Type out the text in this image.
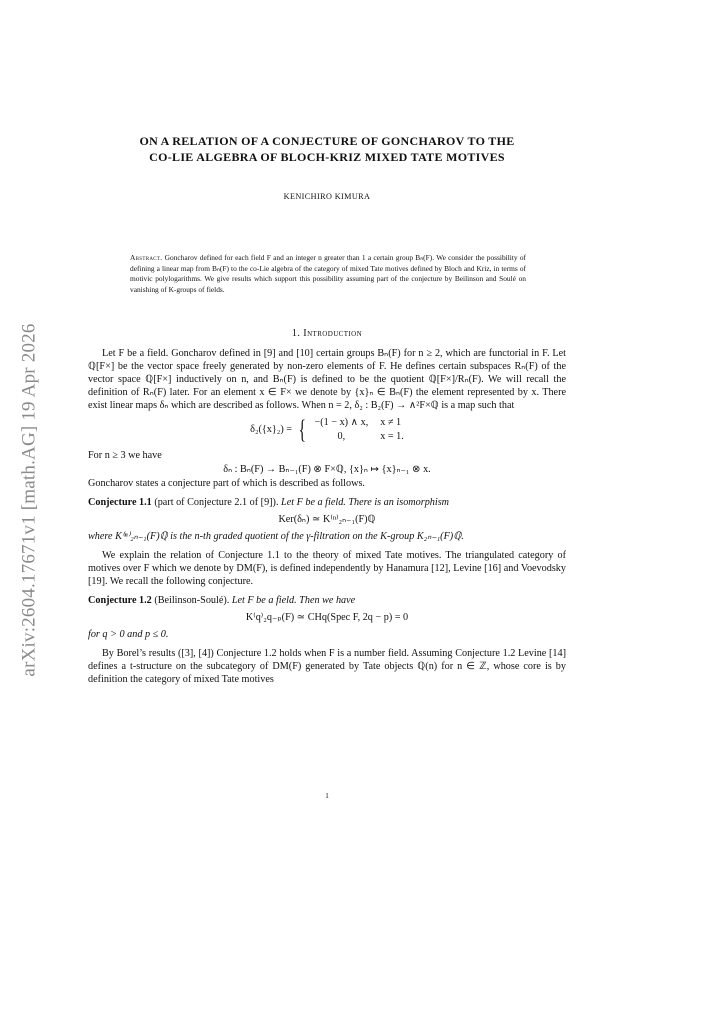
arXiv:2604.17671v1 [math.AG] 19 Apr 2026
ON A RELATION OF A CONJECTURE OF GONCHAROV TO THE
CO-LIE ALGEBRA OF BLOCH-KRIZ MIXED TATE MOTIVES
KENICHIRO KIMURA
Abstract. Goncharov defined for each field F and an integer n greater than 1 a certain group Bₙ(F). We consider the possibility of defining a linear map from Bₙ(F) to the co-Lie algebra of the category of mixed Tate motives defined by Bloch and Kriz, in terms of motivic polylogarithms. We give results which support this possibility assuming part of the conjecture by Beilinson and Soulé on vanishing of K-groups of fields.
1. Introduction

Let F be a field. Goncharov defined in [9] and [10] certain groups Bₙ(F) for n ≥ 2, which are functorial in F. Let ℚ[F×] be the vector space freely generated by non-zero elements of F. He defines certain subspaces Rₙ(F) of the vector space ℚ[F×] inductively on n, and Bₙ(F) is defined to be the quotient ℚ[F×]/Rₙ(F). We will recall the definition of Rₙ(F) later. For an element x ∈ F× we denote by {x}ₙ ∈ Bₙ(F) the element represented by x. There exist linear maps δₙ which are described as follows. When n = 2, δ₂ : B₂(F) → ∧²F×ℚ is a map such that

δ₂({x}₂) = { −(1 − x) ∧ x, x ≠ 1
0,	x = 1.

For n ≥ 3 we have

δₙ : Bₙ(F) → Bₙ₋₁(F) ⊗ F×ℚ, {x}ₙ ↦ {x}ₙ₋₁ ⊗ x.

Goncharov states a conjecture part of which is described as follows.

Conjecture 1.1 (part of Conjecture 2.1 of [9]). Let F be a field. There is an isomorphism

Ker(δₙ) ≃ K⁽ⁿ⁾₂ₙ₋₁(F)ℚ

where K⁽ⁿ⁾₂ₙ₋₁(F)ℚ is the n-th graded quotient of the γ-filtration on the K-group K₂ₙ₋₁(F)ℚ.

We explain the relation of Conjecture 1.1 to the theory of mixed Tate motives. The triangulated category of motives over F which we denote by DM(F), is defined independently by Hanamura [12], Levine [16] and Voevodsky [19]. We recall the following conjecture.

Conjecture 1.2 (Beilinson-Soulé). Let F be a field. Then we have

K⁽q⁾₂q₋ₚ(F) ≃ CHq(Spec F, 2q − p) = 0

for q > 0 and p ≤ 0.

By Borel’s results ([3], [4]) Conjecture 1.2 holds when F is a number field. Assuming Conjecture 1.2 Levine [14] defines a t-structure on the subcategory of DM(F) generated by Tate objects ℚ(n) for n ∈ ℤ, whose core is by definition the category of mixed Tate motives

1
